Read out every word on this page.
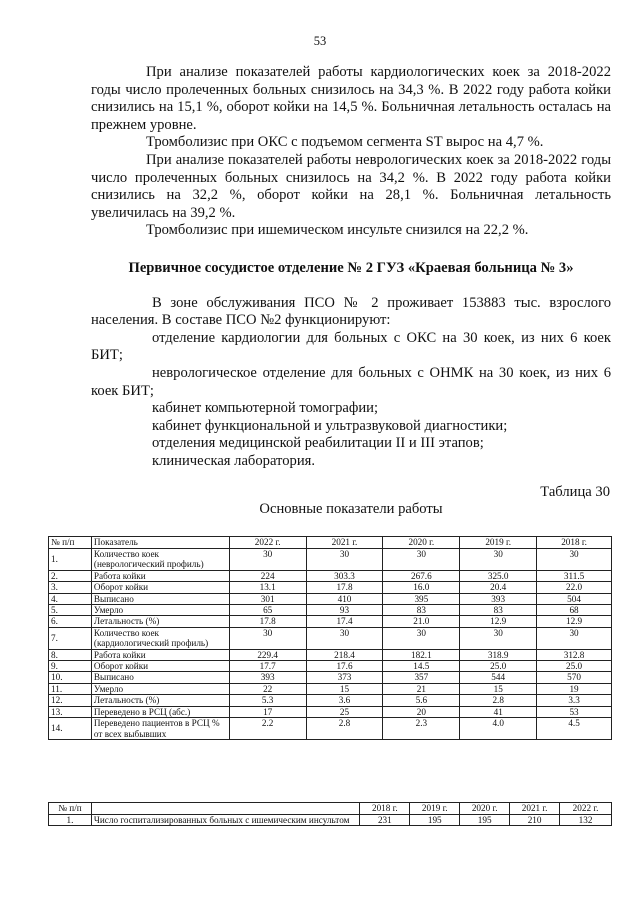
53

При анализе показателей работы кардиологических коек за 2018-2022 годы число пролеченных больных снизилось на 34,3 %. В 2022 году работа койки снизились на 15,1 %, оборот койки на 14,5 %. Больничная летальность осталась на прежнем уровне.

Тромболизис при ОКС с подъемом сегмента ST вырос на 4,7 %.

При анализе показателей работы неврологических коек за 2018-2022 годы число пролеченных больных снизилось на 34,2 %. В 2022 году работа койки снизились на 32,2 %, оборот койки на 28,1 %. Больничная летальность увеличилась на 39,2 %.

Тромболизис при ишемическом инсульте снизился на 22,2 %.

Первичное сосудистое отделение № 2 ГУЗ «Краевая больница № 3»

В зоне обслуживания ПСО № 2 проживает 153883 тыс. взрослого населения. В составе ПСО №2 функционируют:

отделение кардиологии для больных с ОКС на 30 коек, из них 6 коек БИТ;

неврологическое отделение для больных с ОНМК на 30 коек, из них 6 коек БИТ;

кабинет компьютерной томографии;

кабинет функциональной и ультразвуковой диагностики;

отделения медицинской реабилитации II и III этапов;

клиническая лаборатория.

Таблица 30
Основные показатели работы
№ п/п	Показатель	2022 г.	2021 г.	2020 г.	2019 г.	2018 г.
1.	Количество коек (неврологический профиль)	30	30	30	30	30
2.	Работа койки	224	303.3	267.6	325.0	311.5
3.	Оборот койки	13.1	17.8	16.0	20.4	22.0
4.	Выписано	301	410	395	393	504
5.	Умерло	65	93	83	83	68
6.	Летальность (%)	17.8	17.4	21.0	12.9	12.9
7.	Количество коек (кардиологический профиль)	30	30	30	30	30
8.	Работа койки	229.4	218.4	182.1	318.9	312.8
9.	Оборот койки	17.7	17.6	14.5	25.0	25.0
10.	Выписано	393	373	357	544	570
11.	Умерло	22	15	21	15	19
12.	Летальность (%)	5.3	3.6	5.6	2.8	3.3
13.	Переведено в РСЦ (абс.)	17	25	20	41	53
14.	Переведено пациентов в РСЦ % от всех выбывших	2.2	2.8	2.3	4.0	4.5
№ п/п		2018 г.	2019 г.	2020 г.	2021 г.	2022 г.
1.	Число госпитализированных больных с ишемическим инсультом	231	195	195	210	132
